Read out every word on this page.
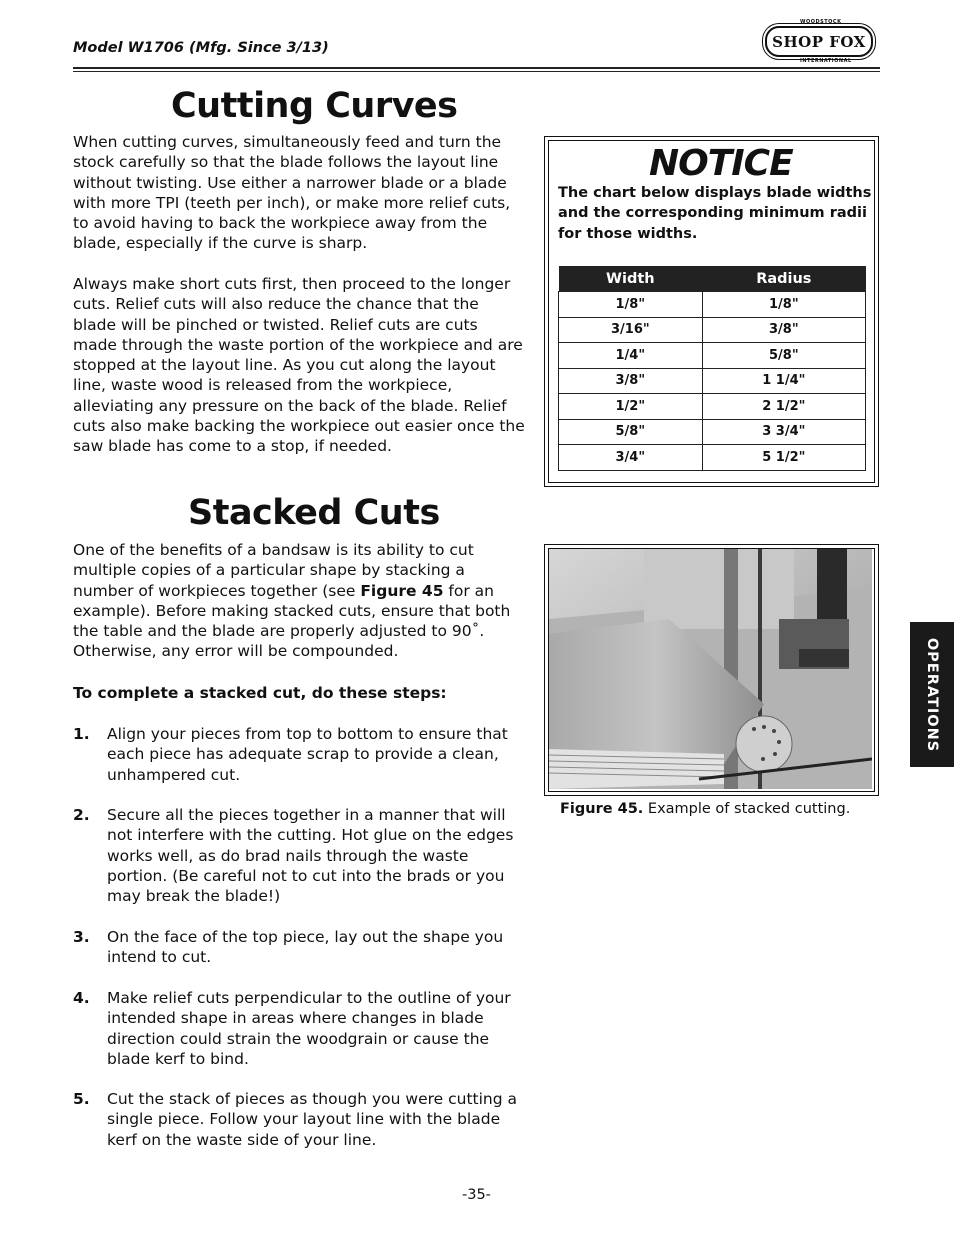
Model W1706 (Mfg. Since 3/13)
WOODSTOCK
SHOP FOX
INTERNATIONAL
Cutting Curves
When cutting curves, simultaneously feed and turn the stock carefully so that the blade follows the layout line without twisting. Use either a narrower blade or a blade with more TPI (teeth per inch), or make more relief cuts, to avoid having to back the workpiece away from the blade, especially if the curve is sharp.
Always make short cuts first, then proceed to the longer cuts. Relief cuts will also reduce the chance that the blade will be pinched or twisted. Relief cuts are cuts made through the waste portion of the workpiece and are stopped at the layout line. As you cut along the layout line, waste wood is released from the workpiece, alleviating any pressure on the back of the blade. Relief cuts also make backing the workpiece out easier once the saw blade has come to a stop, if needed.
NOTICE
The chart below displays blade widths and the corresponding minimum radii for those widths.
Width	Radius
1/8"	1/8"
3/16"	3/8"
1/4"	5/8"
3/8"	1 1/4"
1/2"	2 1/2"
5/8"	3 3/4"
3/4"	5 1/2"
Stacked Cuts
One of the benefits of a bandsaw is its ability to cut multiple copies of a particular shape by stacking a number of workpieces together (see Figure 45 for an example). Before making stacked cuts, ensure that both the table and the blade are properly adjusted to 90˚. Otherwise, any error will be compounded.
To complete a stacked cut, do these steps:
1. Align your pieces from top to bottom to ensure that each piece has adequate scrap to provide a clean, unhampered cut.
2. Secure all the pieces together in a manner that will not interfere with the cutting. Hot glue on the edges works well, as do brad nails through the waste portion. (Be careful not to cut into the brads or you may break the blade!)
3. On the face of the top piece, lay out the shape you intend to cut.
4. Make relief cuts perpendicular to the outline of your intended shape in areas where changes in blade direction could strain the woodgrain or cause the blade kerf to bind.
5. Cut the stack of pieces as though you were cutting a single piece. Follow your layout line with the blade kerf on the waste side of your line.
Figure 45. Example of stacked cutting.
OPERATIONS
-35-
